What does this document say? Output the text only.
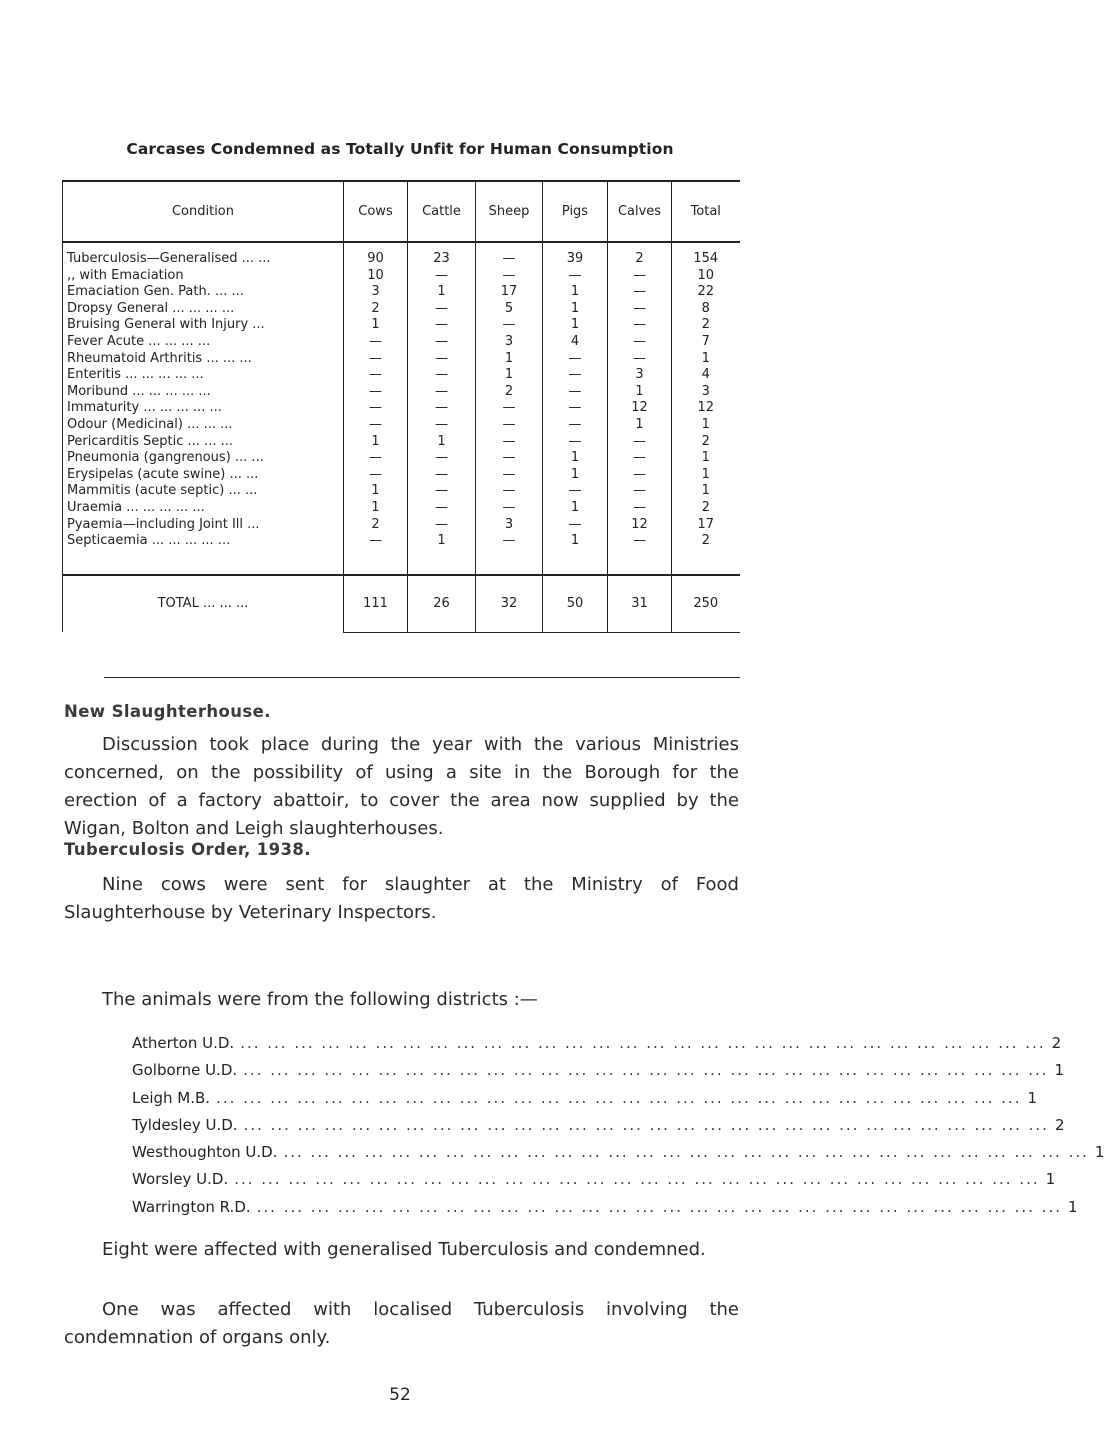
Carcases Condemned as Totally Unfit for Human Consumption
Condition	Cows	Cattle	Sheep	Pigs	Calves	Total
Tuberculosis—Generalised ... ...	90	23	—	39	2	154
,, with Emaciation	10	—	—	—	—	10
Emaciation Gen. Path. ... ...	3	1	17	1	—	22
Dropsy General ... ... ... ...	2	—	5	1	—	8
Bruising General with Injury ...	1	—	—	1	—	2
Fever Acute ... ... ... ...	—	—	3	4	—	7
Rheumatoid Arthritis ... ... ...	—	—	1	—	—	1
Enteritis ... ... ... ... ...	—	—	1	—	3	4
Moribund ... ... ... ... ...	—	—	2	—	1	3
Immaturity ... ... ... ... ...	—	—	—	—	12	12
Odour (Medicinal) ... ... ...	—	—	—	—	1	1
Pericarditis Septic ... ... ...	1	1	—	—	—	2
Pneumonia (gangrenous) ... ...	—	—	—	1	—	1
Erysipelas (acute swine) ... ...	—	—	—	1	—	1
Mammitis (acute septic) ... ...	1	—	—	—	—	1
Uraemia ... ... ... ... ...	1	—	—	1	—	2
Pyaemia—including Joint Ill ...	2	—	3	—	12	17
Septicaemia ... ... ... ... ...	—	1	—	1	—	2
TOTAL ... ... ...	111	26	32	50	31	250
New Slaughterhouse.
Discussion took place during the year with the various Ministries concerned, on the possibility of using a site in the Borough for the erection of a factory abattoir, to cover the area now supplied by the Wigan, Bolton and Leigh slaughterhouses.
Tuberculosis Order, 1938.
Nine cows were sent for slaughter at the Ministry of Food Slaughterhouse by Veterinary Inspectors.
The animals were from the following districts :—
Atherton U.D. ... ... ... ... ... ... ... ... ... ... ... ... ... ... ... ... ... ... ... ... ... ... ... ... ... ... ... ... ... ... 2
Golborne U.D. ... ... ... ... ... ... ... ... ... ... ... ... ... ... ... ... ... ... ... ... ... ... ... ... ... ... ... ... ... ... 1
Leigh M.B. ... ... ... ... ... ... ... ... ... ... ... ... ... ... ... ... ... ... ... ... ... ... ... ... ... ... ... ... ... ... 1
Tyldesley U.D. ... ... ... ... ... ... ... ... ... ... ... ... ... ... ... ... ... ... ... ... ... ... ... ... ... ... ... ... ... ... 2
Westhoughton U.D. ... ... ... ... ... ... ... ... ... ... ... ... ... ... ... ... ... ... ... ... ... ... ... ... ... ... ... ... ... ... 1
Worsley U.D. ... ... ... ... ... ... ... ... ... ... ... ... ... ... ... ... ... ... ... ... ... ... ... ... ... ... ... ... ... ... 1
Warrington R.D. ... ... ... ... ... ... ... ... ... ... ... ... ... ... ... ... ... ... ... ... ... ... ... ... ... ... ... ... ... ... 1
Eight were affected with generalised Tuberculosis and condemned.
One was affected with localised Tuberculosis involving the condemnation of organs only.
52
